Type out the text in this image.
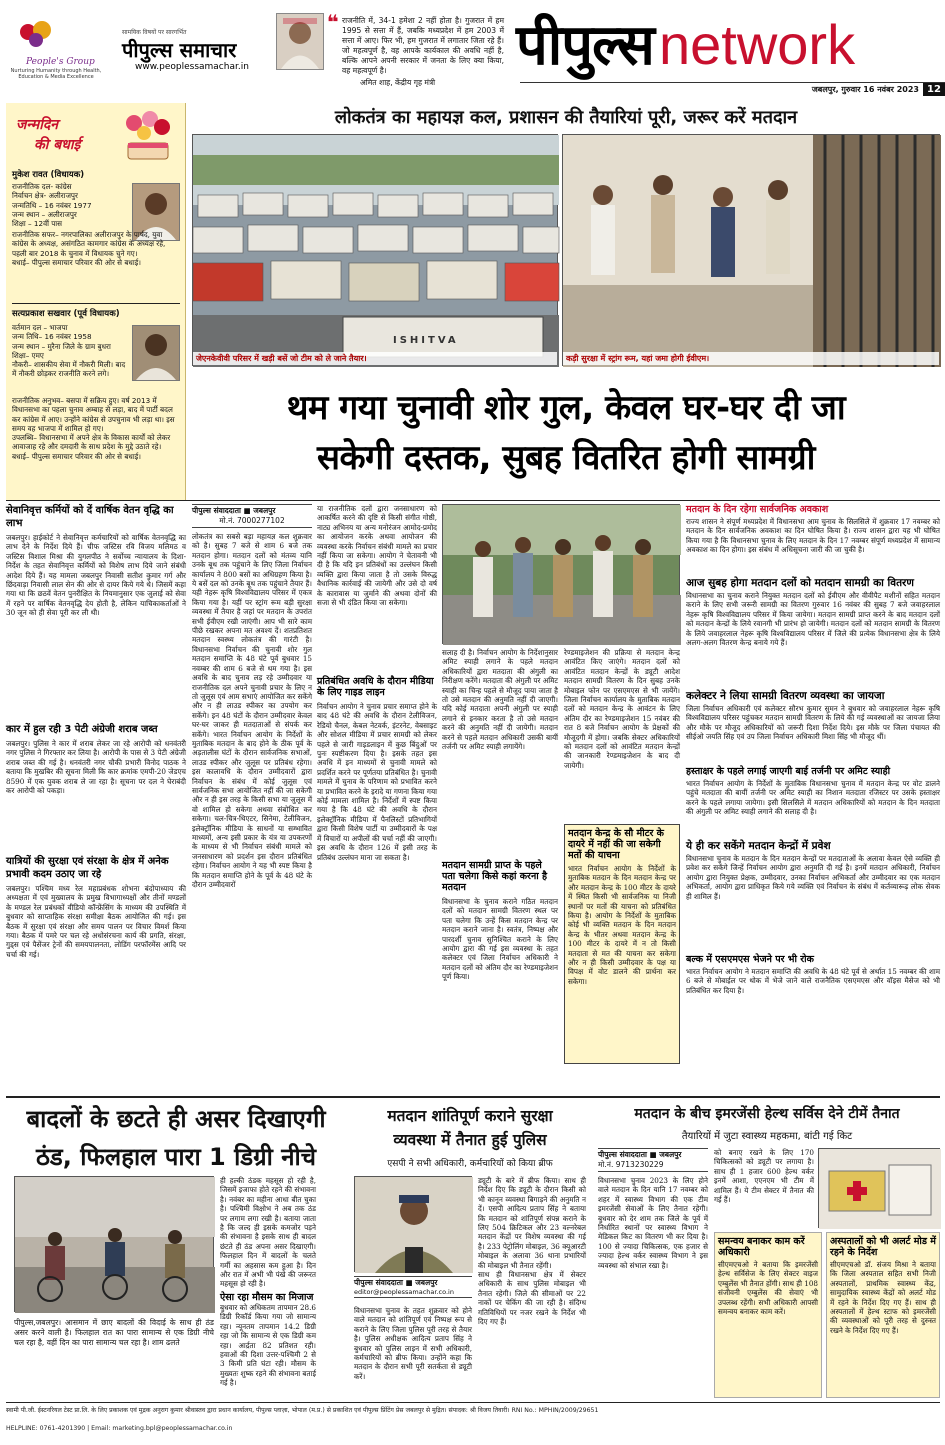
People's Group
Nurturing Humanity through Health, Education & Media Excellence
सामयिक विषयों पर सारगर्भित
पीपुल्स समाचार
www.peoplessamachar.in
❝ राजनीति में, 34-1 हमेशा 2 नहीं होता है। गुजरात में हम 1995 से सत्ता में हैं, जबकि मध्यप्रदेश में हम 2003 में सत्ता में आए। फिर भी, हम गुजरात में लगातार जिता रहे हैं। जो महत्वपूर्ण है, वह आपके कार्यकाल की अवधि नहीं है, बल्कि आपने अपनी सरकार में जनता के लिए क्या किया, वह महत्वपूर्ण है।
अमित शाह, केंद्रीय गृह मंत्री
पीपुल्स network
जबलपुर, गुरुवार 16 नवंबर 2023 12
जन्मदिन
की बधाई
मुकेश रावत (विधायक)
राजनीतिक दल- कांग्रेस
निर्वाचन क्षेत्र- अलीराजपुर
जन्मतिथि – 16 नवंबर 1977
जन्म स्थान – अलीराजपुर
शिक्षा – 12वीं पास
राजनीतिक सफर– नगरपालिका अलीराजपुर के पार्षद, युवा कांग्रेस के अध्यक्ष, असंगठित कामगार कांग्रेस के अध्यक्ष रहे, पहली बार 2018 के चुनाव में विधायक चुने गए।
बधाई– पीपुल्स समाचार परिवार की ओर से बधाई।
सत्यप्रकाश सखवार (पूर्व विधायक)
वर्तमान दल – भाजपा
जन्म तिथि– 16 नवंबर 1958
जन्म स्थान – मुरैना जिले के ग्राम बुधरा
शिक्षा– एमए
नौकरी– शासकीय सेवा में नौकरी मिली। बाद में नौकरी छोड़कर राजनीति करने लगे।
राजनीतिक अनुभव– बसपा में सक्रिय हुए। वर्ष 2013 में विधानसभा का पहला चुनाव अम्बाह से लड़ा, बाद में पार्टी बदल कर कांग्रेस में आए। उन्होंने कांग्रेस से उपचुनाव भी लड़ा था। इस समय वह भाजपा में शामिल हो गए।
उपलब्धि– विधानसभा में अपने क्षेत्र के विकास कार्यों को लेकर आवाजाह रहे और दमदारी के साथ प्रदेश के मुद्दे उठाते रहे।
बधाई– पीपुल्स समाचार परिवार की ओर से बधाई।
लोकतंत्र का महायज्ञ कल, प्रशासन की तैयारियां पूरी, जरूर करें मतदान
ISHITVA
जेएनकेवीवी परिसर में खड़ी बसें जो टीम को ले जाने तैयार।	कड़ी सुरक्षा में स्ट्रांग रूम, यहां जमा होगी ईवीएम।
थम गया चुनावी शोर गुल, केवल घर-घर दी जा
सकेगी दस्तक, सुबह वितरित होगी सामग्री
सेवानिवृत्त कर्मियों को दें वार्षिक वेतन वृद्धि का लाभ
जबलपुर। हाईकोर्ट ने सेवानिवृत्त कर्मचारियों को वार्षिक वेतनवृद्धि का लाभ देने के निर्देश दिये हैं। चीफ जस्टिस रवि विजय मलिमठ व जस्टिस विशाल मिश्रा की युगलपीठ ने सर्वोच्च न्यायालय के दिशा-निर्देश के तहत सेवानिवृत्त कर्मियों को विशेष लाभ दिये जाने संबंधी आदेश दिये हैं। यह मामला जबलपुर निवासी सतीश कुमार गर्ग और छिंदवाड़ा निवासी लाल सेन की ओर से दायर किये गये थे। जिसमें कहा गया था कि छठवें वेतन पुनरीक्षित के नियमानुसार एक जुलाई को सेवा में रहने पर वार्षिक वेतनवृद्धि देय होती है, लेकिन याचिकाकर्ताओं ने 30 जून को ही सेवा पूरी कर ली थी।
कार में हुल रही 3 पेटी अंग्रेजी शराब जब्त
जबलपुर। पुलिस ने कार में शराब लेकर जा रहे आरोपी को धनवंतरी नगर पुलिस ने गिरफ्तार कर लिया है। आरोपी के पास से 3 पेटी अंग्रेजी शराब जब्त की गई है। धनवंतरी नगर चौकी प्रभारी विनोद पाठक ने बताया कि मुखबिर की सूचना मिली कि कार क्रमांक एमपी-20 जेडएच 8590 में एक युवक शराब ले जा रहा है। सूचना पर दल ने घेराबंदी कर आरोपी को पकड़ा।
यात्रियों की सुरक्षा एवं संरक्षा के क्षेत्र में अनेक प्रभावी कदम उठाए जा रहे
जबलपुर। पश्चिम मध्य रेल महाप्रबंधक शोभना बंदोपाध्याय की अध्यक्षता में एवं मुख्यालय के प्रमुख विभागाध्यक्षों और तीनों मण्डलों के मण्डल रेल प्रबंधकों वीडियो कॉन्फ्रेंसिंग के माध्यम की उपस्थिति में बुधवार को साप्ताहिक संरक्षा समीक्षा बैठक आयोजित की गई। इस बैठक में सुरक्षा एवं संरक्षा और समय पालन पर विचार विमर्श किया गया। बैठक में पमरे पर चल रहे अधोसंरचना कार्य की प्रगति, संरक्षा, गुड्स एवं पैसेंजर ट्रेनों की समयपालनता, लोडिंग परफॉरमेंस आदि पर चर्चा की गई।
पीपुल्स संवाददाता ■ जबलपुर
मो.नं. 7000277102
लोकतंत्र का सबसे बड़ा महायज्ञ कल शुक्रवार को है। सुबह 7 बजे से शाम 6 बजे तक मतदान होगा। मतदान दलों को मंतव्य यानि उनके बूथ तक पहुंचाने के लिए जिला निर्वाचन कार्यालय ने 800 बसों का अधिग्रहण किया है। ये बसें दल को उनके बूथ तक पहुंचाने तैयार हैं। यही नेहरू कृषि विश्वविद्यालय परिसर में एकत्र किया गया है। यहीं पर स्ट्रांग रूम बड़ी सुरक्षा व्यवस्था में तैयार है जहां पर मतदान के उपरांत सभी ईवीएम रखी जाएंगी। आप भी सारे काम पीछे रखकर अपना मत अवश्य दें। शतप्रतिशत मतदान स्वस्थ्य लोकतंत्र की गारंटी है। विधानसभा निर्वाचन की चुनावी शोर गुल मतदान समाप्ति के 48 घंटे पूर्व बुधवार 15 नवम्बर की शाम 6 बजे से थम गया है। इस अवधि के बाद चुनाव लड़ रहे उम्मीदवार या राजनीतिक दल अपने चुनावी प्रचार के लिए न तो जुलूस एवं आम सभाएं आयोजित कर सकेंगे और न ही लाउड स्पीकर का उपयोग कर सकेंगे। इन 48 घंटों के दौरान उम्मीदवार केवल घर-घर जाकर ही मतदाताओं से संपर्क कर सकेंगे। भारत निर्वाचन आयोग के निर्देशों के मुताबिक मतदान के बाद होने के ठीक पूर्व के अड़तालीस घंटों के दौरान सार्वजनिक सभाओं, लाउड स्पीकर और जुलूस पर प्रतिबंध रहेगा। इस कालावधि के दौरान उम्मीदवारों द्वारा निर्वाचन के संबंध में कोई जुलूस एवं सार्वजनिक सभा आयोजित नहीं की जा सकेगी और न ही इस तरह के किसी सभा या जुलूस में वो शामिल हो सकेगा अथवा संबोधित कर सकेगा। चल-चित्र-थिएटर, सिनेमा, टेलीविजन, इलेक्ट्रॉनिक मीडिया के साधनों या सम्भावित माध्यमों, अन्य इसी प्रकार के यंत्र या उपकरणों के माध्यम से भी निर्वाचन संबंधी मामले को जनसाधारण को प्रदर्शन इस दौरान प्रतिबंधित रहेगा। निर्वाचन आयोग ने यह भी स्पष्ट किया है कि मतदान समाप्ति होने के पूर्व के 48 घंटे के दौरान उम्मीदवारों
या राजनीतिक दलों द्वारा जनसाधारण को आकर्षित करने की दृष्टि से किसी संगीत गोष्ठी, नाट्य अभिनय या अन्य मनोरंजन आमोद-प्रमोद का आयोजन करके अथवा आयोजन की व्यवस्था करके निर्वाचन संबंधी मामले का प्रचार नहीं किया जा सकेगा। आयोग ने चेतावनी भी दी है कि यदि इन प्रतिबंधों का उल्लंघन किसी व्यक्ति द्वारा किया जाता है तो उसके विरुद्ध वैधानिक कार्रवाई की जायेगी और उसे दो वर्ष के कारावास या जुर्माने की अथवा दोनों की सजा से भी दंडित किया जा सकेगा।
प्रतिबंधित अवधि के दौरान मीडिया के लिए गाइड लाइन
निर्वाचन आयोग ने चुनाव प्रचार समाप्त होने के बाद 48 घंटे की अवधि के दौरान टेलीविजन, रेडियो चैनल, केबल नेटवर्क, इंटरनेट, वेबसाइट और सोशल मीडिया में प्रचार सामग्री को लेकर पहले से जारी गाइडलाइन में कुछ बिंदुओं पर पुनः स्पष्टीकरण दिया है। इसके तहत इस अवधि में इन माध्यमों से चुनावी मामले को प्रदर्शित करने पर पूर्णतया प्रतिबंधित है। चुनावी मामले में चुनाव के परिणाम को प्रभावित करने या प्रभावित करने के इरादे या गणना किया गया कोई मामला शामिल है। निर्देशों में स्पष्ट किया गया है कि 48 घंटे की अवधि के दौरान इलेक्ट्रॉनिक मीडिया में पैनलिस्टों प्रतिभागियों द्वारा किसी विशेष पार्टी या उम्मीदवारों के पक्ष में विचारों या अपीलों की चर्चा नहीं की जाएगी। इस अवधि के दौरान 126 में इसी तरह के प्रतिबंध उल्लंघन माना जा सकता है।
सलाह दी है। निर्वाचन आयोग के निर्देशानुसार अमिट स्याही लगाने के पहले मतदान अधिकारियों द्वारा मतदाता की अंगुली का निरीक्षण करेंगे। मतदाता की अंगुली पर अमिट स्याही का चिन्ह पहले से मौजूद पाया जाता है तो उसे मतदान की अनुमति नहीं दी जाएगी। यदि कोई मतदाता अपनी अंगुली पर स्याही लगाने से इनकार करता है तो उसे मतदान करने की अनुमति नहीं दी जायेगी। मतदान करने से पहले मतदान अधिकारी उसकी बायीं तर्जनी पर अमिट स्याही लगायेंगे।
मतदान सामग्री प्राप्त के पहले पता चलेगा किसे कहां करना है मतदान
विधानसभा के चुनाव कराने गठित मतदान दलों को मतदान सामग्री वितरण स्थल पर पता चलेगा कि उन्हें किस मतदान केन्द्र पर मतदान कराने जाना है। स्वतंत्र, निष्पक्ष और पारदर्शी चुनाव सुनिश्चित कराने के लिए आयोग द्वारा की गई इस व्यवस्था के तहत कलेक्टर एवं जिला निर्वाचन अधिकारी ने मतदान दलों को अंतिम दौर का रेण्डमाइजेशन पूर्ण किया।
रेण्डमाइजेशन की प्रक्रिया से मतदान केन्द्र आवंटित किए जाएंगे। मतदान दलों को आवंटित मतदान केन्द्रों के ड्यूटी आदेश मतदान सामग्री वितरण के दिन सुबह उनके मोबाइल फोन पर एसएमएस से भी जायेंगे। जिला निर्वाचन कार्यालय के मुताबिक मतदान दलों को मतदान केन्द्र के आवंटन के लिए अंतिम दौर का रेण्डमाइजेशन 15 नवंबर की रात 8 बजे निर्वाचन आयोग के प्रेक्षकों की मौजूदगी में होगा। जबकि सेक्टर अधिकारियों को मतदान दलों को आवंटित मतदान केन्द्रों की जानकारी रेण्डमाइजेशन के बाद दी जायेगी।
मतदान केन्द्र के सौ मीटर के दायरे में नहीं की जा सकेगी मतों की याचना
भारत निर्वाचन आयोग के निर्देशों के मुताबिक मतदान के दिन मतदान केन्द्र पर और मतदान केन्द्र के 100 मीटर के दायरे में स्थित किसी भी सार्वजनिक या निजी स्थानों पर मतों की याचना को प्रतिबंधित किया है। आयोग के निर्देशों के मुताबिक कोई भी व्यक्ति मतदान के दिन मतदान केन्द्र के भीतर अथवा मतदान केन्द्र के 100 मीटर के दायरे में न तो किसी मतदाता से मत की याचना कर सकेगा और न ही किसी उम्मीदवार के पक्ष या विपक्ष में वोट डालने की प्रार्थना कर सकेगा।
मतदान के दिन रहेगा सार्वजनिक अवकाश
राज्य शासन ने संपूर्ण मध्यप्रदेश में विधानसभा आम चुनाव के सिलसिले में शुक्रवार 17 नवम्बर को मतदान के दिन सार्वजनिक अवकाश का दिन घोषित किया है। राज्य शासन द्वारा यह भी घोषित किया गया है कि विधानसभा चुनाव के लिए मतदान के दिन 17 नवम्बर संपूर्ण मध्यप्रदेश में सामान्य अवकाश का दिन होगा। इस संबंध में अधिसूचना जारी की जा चुकी है।
आज सुबह होगा मतदान दलों को मतदान सामग्री का वितरण
विधानसभा का चुनाव कराने नियुक्त मतदान दलों को ईवीएम और वीवीपैट मशीनों सहित मतदान कराने के लिए सभी जरूरी सामग्री का वितरण गुरुवार 16 नवंबर की सुबह 7 बजे जवाहरलाल नेहरू कृषि विश्वविद्यालय परिसर में किया जायेगा। मतदान सामग्री प्राप्त करने के बाद मतदान दलों को मतदान केन्द्रों के लिये रवानगी भी प्रारंभ हो जायेगी। मतदान दलों को मतदान सामग्री के वितरण के लिये जवाहरलाल नेहरू कृषि विश्वविद्यालय परिसर में जिले की प्रत्येक विधानसभा क्षेत्र के लिये अलग-अलग वितरण केन्द्र बनाये गये हैं।
कलेक्टर ने लिया सामग्री वितरण व्यवस्था का जायजा
जिला निर्वाचन अधिकारी एवं कलेक्टर सौरभ कुमार सुमन ने बुधवार को जवाहरलाल नेहरू कृषि विश्वविद्यालय परिसर पहुंचकर मतदान सामग्री वितरण के लिये की गई व्यवस्थाओं का जायजा लिया और मौके पर मौजूद अधिकारियों को जरूरी दिशा निर्देश दिये। इस मौके पर जिला पंचायत की सीईओ जयति सिंह एवं उप जिला निर्वाचन अधिकारी मिशा सिंह भी मौजूद थीं।
हस्ताक्षर के पहले लगाई जाएगी बाई तर्जनी पर अमिट स्याही
भारत निर्वाचन आयोग के निर्देशों के मुताबिक विधानसभा चुनाव में मतदान केन्द्र पर वोट डालने पहुंचे मतदाता की बायीं तर्जनी पर अमिट स्याही का निशान मतदाता रजिस्टर पर उसके हस्ताक्षर करने के पहले लगाया जायेगा। इसी सिलसिले में मतदान अधिकारियों को मतदान के दिन मतदाता की अंगुली पर अमिट स्याही लगाने की सलाह दी है।
ये ही कर सकेंगे मतदान केन्द्रों में प्रवेश
विधानसभा चुनाव के मतदान के दिन मतदान केन्द्रों पर मतदाताओं के अलावा केवल ऐसे व्यक्ति ही प्रवेश कर सकेंगे जिन्हें निर्वाचन आयोग द्वारा अनुमति दी गई है। इनमें मतदान अधिकारी, निर्वाचन आयोग द्वारा नियुक्त प्रेक्षक, उम्मीदवार, उनका निर्वाचन अभिकर्ता और उम्मीदवार का एक मतदान अभिकर्ता, आयोग द्वारा प्राधिकृत किये गये व्यक्ति एवं निर्वाचन के संबंध में कर्तव्यारूढ़ लोक सेवक ही शामिल हैं।
बल्क में एसएमएस भेजने पर भी रोक
भारत निर्वाचन आयोग ने मतदान समाप्ति की अवधि के 48 घंटे पूर्व से अर्थात 15 नवम्बर की शाम 6 बजे से मोबाईल पर थोक में भेजे जाने वाले राजनैतिक एसएमएस और वॉइस मैसेज को भी प्रतिबंधित कर दिया है।
बादलों के छटते ही असर दिखाएगी
ठंड, फिलहाल पारा 1 डिग्री नीचे
पीपुल्स,जबलपुर। आसमान में छाए बादलों की विदाई के साथ ही ठंड असर करने वाली है। फिलहाल रात का पारा सामान्य से एक डिग्री नीचे चल रहा है, वहीं दिन का पारा सामान्य चल रहा है। शाम ढलते
ही हल्की ठंडक महसूस हो रही है, जिसमें इजाफा होते रहने की संभावना है। नवंबर का महीना आधा बीत चुका है। पश्चिमी विक्षोभ ने अब तक ठंड पर लगाम लगा रखी है। बताया जाता है कि जल्द ही इसके कमजोर पड़ने की संभावना है इसके साथ ही बादल छंटते ही ठंड अपना असर दिखाएगी। फिलहाल दिन में बादलों के चलते गर्मी का अहसास कम हुआ है। दिन और रात में अभी भी पंखे की जरूरत महसूस हो रही है।
ऐसा रहा मौसम का मिजाज
बुधवार को अधिकतम तापमान 28.6 डिग्री रिकॉर्ड किया गया जो सामान्य रहा। न्यूनतम तापमान 14.2 डिग्री रहा जो कि सामान्य से एक डिग्री कम रहा। आर्द्रता 82 प्रतिशत रही। हवाओं की दिशा उत्तर-पश्चिमी 2 से 3 किमी प्रति घंटा रही। मौसम के मुख्यतः शुष्क रहने की संभावना बताई गई है।
मतदान शांतिपूर्ण कराने सुरक्षा
व्यवस्था में तैनात हुई पुलिस
एसपी ने सभी अधिकारी, कर्मचारियों को किया ब्रीफ
पीपुल्स संवाददाता ■ जबलपुर
editor@peoplessamachar.co.in
विधानसभा चुनाव के तहत शुक्रवार को होने वाले मतदान को शांतिपूर्ण एवं निष्पक्ष रूप से कराने के लिए जिला पुलिस पूरी तरह से तैयार है। पुलिस अधीक्षक आदित्य प्रताप सिंह ने बुधवार को पुलिस लाइन में सभी अधिकारी, कर्मचारियों को ब्रीफ किया। उन्होंने कहा कि मतदान के दौरान सभी पूरी सतर्कता से ड्यूटी करें।
ड्यूटी के बारे में ब्रीफ किया। साथ ही निर्देश दिए कि ड्यूटी के दौरान किसी को भी कानून व्यवस्था बिगाड़ने की अनुमति न दें। एसपी आदित्य प्रताप सिंह ने बताया कि मतदान को शांतिपूर्ण संपन्न कराने के लिए 504 क्रिटिकल और 23 वल्नरेबल मतदान केंद्रों पर विशेष व्यवस्था की गई है। 233 पेट्रोलिंग मोबाइल, 36 क्यूआरटी मोबाइल के अलावा 36 थाना प्रभारियों की मोबाइल भी तैनात रहेंगी।
साथ ही विधानसभा क्षेत्र में सेक्टर अधिकारी के साथ पुलिस मोबाइल भी तैनात रहेगी। जिले की सीमाओं पर 22 नाकों पर चेकिंग की जा रही है। संदिग्ध गतिविधियों पर नजर रखने के निर्देश भी दिए गए हैं।
मतदान के बीच इमरजेंसी हेल्थ सर्विस देने टीमें तैनात
तैयारियों में जुटा स्वास्थ्य महकमा, बांटी गई किट
पीपुल्स संवाददाता ■ जबलपुर
मो.नं. 9713230229
विधानसभा चुनाव 2023 के लिए होने वाले मतदान के दिन यानि 17 नवम्बर को शहर में स्वास्थ्य विभाग की एक टीम इमरजेंसी सेवाओं के लिए तैनात रहेगी। बुधवार को देर शाम तक जिले के पूर्व में निर्धारित स्थानों पर स्वास्थ्य विभाग ने मेडिकल किट का वितरण भी कर दिया है। 100 से ज्यादा चिकित्सक, एक हजार से ज्यादा हेल्थ वर्कर स्वास्थ्य विभाग ने इस व्यवस्था को संभाल रखा है।
को बनाए रखने के लिए 170 चिकित्सकों को ड्यूटी पर लगाया है। साथ ही 1 हजार 600 हेल्थ वर्कर इनमें आशा, एएनएम भी टीम में शामिल हैं। ये टीम सेक्टर में तैनात की गई हैं।
समन्वय बनाकर काम करें अधिकारी
सीएमएचओ ने बताया कि इमरजेंसी हेल्थ सर्विसेज के लिए सेक्टर वाइज एम्बुलेंस भी तैनात होंगी। साथ ही 108 संजीवनी एम्बुलेंस की सेवाएं भी उपलब्ध रहेंगी। सभी अधिकारी आपसी समन्वय बनाकर काम करें।
अस्पतालों को भी अलर्ट मोड में रहने के निर्देश
सीएमएचओ डॉ. संजय मिश्रा ने बताया कि जिला अस्पताल सहित सभी निजी अस्पतालों, प्राथमिक स्वास्थ्य केंद्र, सामुदायिक स्वास्थ्य केंद्रों को अलर्ट मोड में रहने के निर्देश दिए गए हैं। साथ ही अस्पतालों में हेल्थ स्टाफ को इमरजेंसी की व्यवस्थाओं को पूरी तरह से दुरुस्त रखने के निर्देश दिए गए हैं।
स्वामी पी.जी. ईस्टनरियल टेस्ट प्रा.लि. के लिए प्रकाशक एवं मुद्रक अनुराग कुमार श्रीवास्तव द्वारा प्रधान कार्यालय, पीपुल्स प्लाज़ा, भोपाल (म.प्र.) से प्रकाशित एवं पीपुल्स प्रिंटिंग प्रेस जबलपुर से मुद्रित। संपादक: श्री विजय तिवारी। RNI No.: MPHIN/2009/29651
HELPLINE: 0761-4201390 | Email: marketing.bpl@peoplessamachar.co.in
